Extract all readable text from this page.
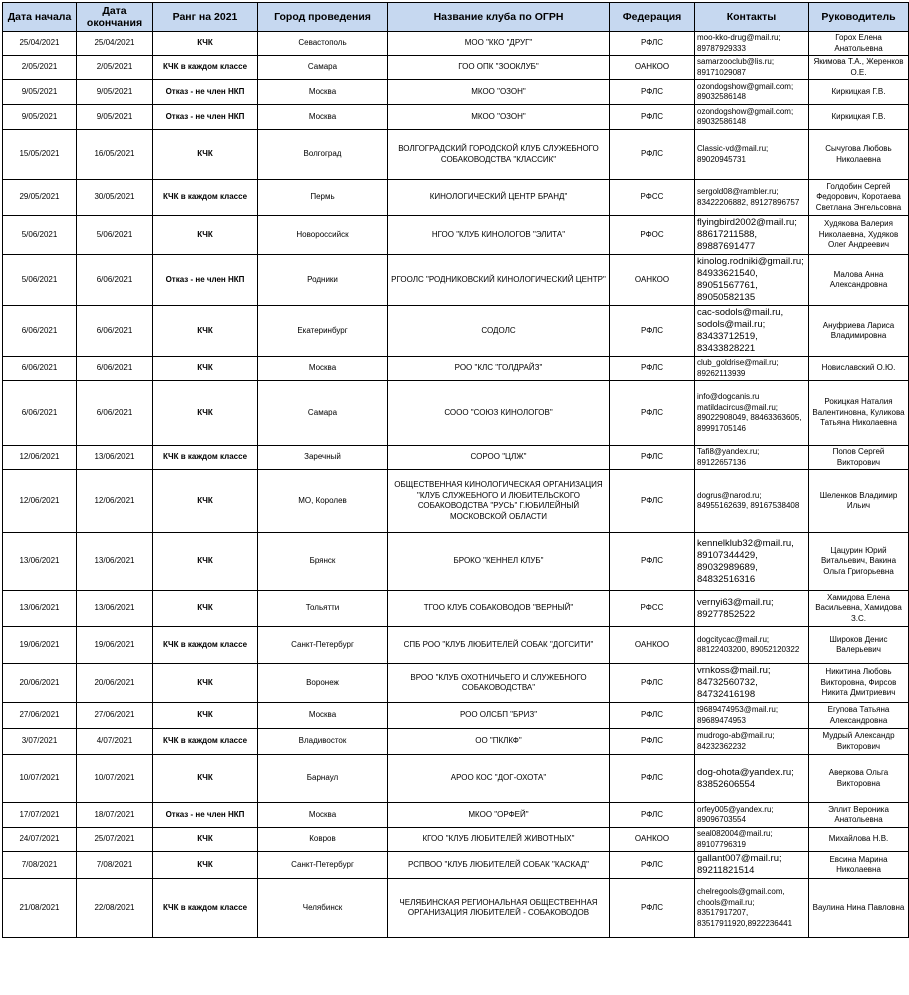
Дата начала	Дата окончания	Ранг на 2021	Город проведения	Название клуба по ОГРН	Федерация	Контакты	Руководитель
25/04/2021	25/04/2021	КЧК	Севастополь	МОО "ККО "ДРУГ"	РФЛС	moo-kko-drug@mail.ru; 89787929333	Горох Елена Анатольевна
2/05/2021	2/05/2021	КЧК в каждом классе	Самара	ГОО ОПК "ЗООКЛУБ"	ОАНКОО	samarzooclub@lis.ru; 89171029087	Якимова Т.А., Жеренков О.Е.
9/05/2021	9/05/2021	Отказ - не член НКП	Москва	МКОО "ОЗОН"	РФЛС	ozondogshow@gmail.com; 89032586148	Киркицкая Г.В.
9/05/2021	9/05/2021	Отказ - не член НКП	Москва	МКОО "ОЗОН"	РФЛС	ozondogshow@gmail.com; 89032586148	Киркицкая Г.В.
15/05/2021	16/05/2021	КЧК	Волгоград	ВОЛГОГРАДСКИЙ ГОРОДСКОЙ КЛУБ СЛУЖЕБНОГО СОБАКОВОДСТВА "КЛАССИК"	РФЛС	Classic-vd@mail.ru; 89020945731	Сычугова Любовь Николаевна
29/05/2021	30/05/2021	КЧК в каждом классе	Пермь	КИНОЛОГИЧЕСКИЙ ЦЕНТР БРАНД"	РФСС	sergold08@rambler.ru; 83422206882, 89127896757	Голдобин Сергей Федорович, Коротаева Светлана Энгельсовна
5/06/2021	5/06/2021	КЧК	Новороссийск	НГОО "КЛУБ КИНОЛОГОВ "ЭЛИТА"	РФОС	flyingbird2002@mail.ru; 88617211588, 89887691477	Худякова Валерия Николаевна, Худяков Олег Андреевич
5/06/2021	6/06/2021	Отказ - не член НКП	Родники	РГООЛС "РОДНИКОВСКИЙ КИНОЛОГИЧЕСКИЙ ЦЕНТР"	ОАНКОО	kinolog.rodniki@gmail.ru; 84933621540, 89051567761, 89050582135	Малова Анна Александровна
6/06/2021	6/06/2021	КЧК	Екатеринбург	СОДОЛС	РФЛС	cac-sodols@mail.ru, sodols@mail.ru; 83433712519, 83433828221	Ануфриева Лариса Владимировна
6/06/2021	6/06/2021	КЧК	Москва	РОО "КЛС "ГОЛДРАЙЗ"	РФЛС	club_goldrise@mail.ru; 89262113939	Новиславский О.Ю.
6/06/2021	6/06/2021	КЧК	Самара	СООО "СОЮЗ КИНОЛОГОВ"	РФЛС	info@dogcanis.ru matildacircus@mail.ru; 89022908049, 88463363605, 89991705146	Рокицкая Наталия Валентиновна, Куликова Татьяна Николаевна
12/06/2021	13/06/2021	КЧК в каждом классе	Заречный	СОРОО "ЦЛЖ"	РФЛС	Tafi8@yandex.ru; 89122657136	Попов Сергей Викторович
12/06/2021	12/06/2021	КЧК	МО, Королев	ОБЩЕСТВЕННАЯ КИНОЛОГИЧЕСКАЯ ОРГАНИЗАЦИЯ "КЛУБ СЛУЖЕБНОГО И ЛЮБИТЕЛЬСКОГО СОБАКОВОДСТВА "РУСЬ" Г.ЮБИЛЕЙНЫЙ МОСКОВСКОЙ ОБЛАСТИ	РФЛС	dogrus@narod.ru; 84955162639, 89167538408	Шеленков Владимир Ильич
13/06/2021	13/06/2021	КЧК	Брянск	БРОКО "КЕННЕЛ КЛУБ"	РФЛС	kennelklub32@mail.ru, 89107344429, 89032989689, 84832516316	Цацурин Юрий Витальевич, Вакина Ольга Григорьевна
13/06/2021	13/06/2021	КЧК	Тольятти	ТГОО КЛУБ СОБАКОВОДОВ "ВЕРНЫЙ"	РФСС	vernyi63@mail.ru; 89277852522	Хамидова Елена Васильевна, Хамидова З.С.
19/06/2021	19/06/2021	КЧК в каждом классе	Санкт-Петербург	СПБ РОО "КЛУБ ЛЮБИТЕЛЕЙ СОБАК "ДОГСИТИ"	ОАНКОО	dogcitycac@mail.ru; 88122403200, 89052120322	Широков Денис Валерьевич
20/06/2021	20/06/2021	КЧК	Воронеж	ВРОО "КЛУБ ОХОТНИЧЬЕГО И СЛУЖЕБНОГО СОБАКОВОДСТВА"	РФЛС	vrnkoss@mail.ru; 84732560732, 84732416198	Никитина Любовь Викторовна, Фирсов Никита Дмитриевич
27/06/2021	27/06/2021	КЧК	Москва	РОО ОЛСБП "БРИЗ"	РФЛС	t9689474953@mail.ru; 89689474953	Егупова Татьяна Александровна
3/07/2021	4/07/2021	КЧК в каждом классе	Владивосток	ОО "ПКЛКФ"	РФЛС	mudrogo-ab@mail.ru; 84232362232	Мудрый Александр Викторович
10/07/2021	10/07/2021	КЧК	Барнаул	АРОО КОС "ДОГ-ОХОТА"	РФЛС	dog-ohota@yandex.ru; 83852606554	Аверкова Ольга Викторовна
17/07/2021	18/07/2021	Отказ - не член НКП	Москва	МКОО "ОРФЕЙ"	РФЛС	orfey005@yandex.ru; 89096703554	Эллит Вероника Анатольевна
24/07/2021	25/07/2021	КЧК	Ковров	КГОО "КЛУБ ЛЮБИТЕЛЕЙ ЖИВОТНЫХ"	ОАНКОО	seal082004@mail.ru; 89107796319	Михайлова Н.В.
7/08/2021	7/08/2021	КЧК	Санкт-Петербург	РСПВОО "КЛУБ ЛЮБИТЕЛЕЙ СОБАК "КАСКАД"	РФЛС	gallant007@mail.ru; 89211821514	Евсина Марина Николаевна
21/08/2021	22/08/2021	КЧК в каждом классе	Челябинск	ЧЕЛЯБИНСКАЯ РЕГИОНАЛЬНАЯ ОБЩЕСТВЕННАЯ ОРГАНИЗАЦИЯ ЛЮБИТЕЛЕЙ - СОБАКОВОДОВ	РФЛС	chelregools@gmail.com, chools@mail.ru; 83517917207, 83517911920,8922236441	Ваулина Нина Павловна
